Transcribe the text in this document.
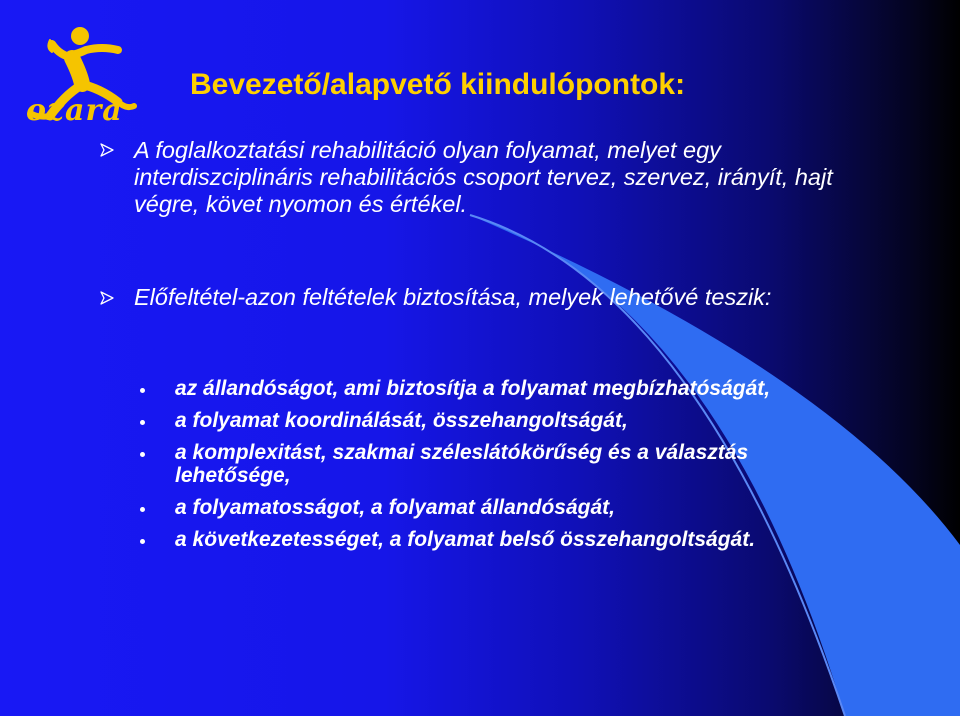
ozara
Bevezető/alapvető kiindulópontok:
A foglalkoztatási rehabilitáció olyan folyamat, melyet egy interdiszciplináris rehabilitációs csoport tervez, szervez, irányít, hajt végre, követ nyomon és értékel.
Előfeltétel-azon feltételek biztosítása, melyek lehetővé teszik:
az állandóságot, ami biztosítja a folyamat megbízhatóságát,
a folyamat koordinálását, összehangoltságát,
a komplexitást, szakmai széleslátókörűség és a választás lehetősége,
a folyamatosságot, a folyamat állandóságát,
a következetességet, a folyamat belső összehangoltságát.
